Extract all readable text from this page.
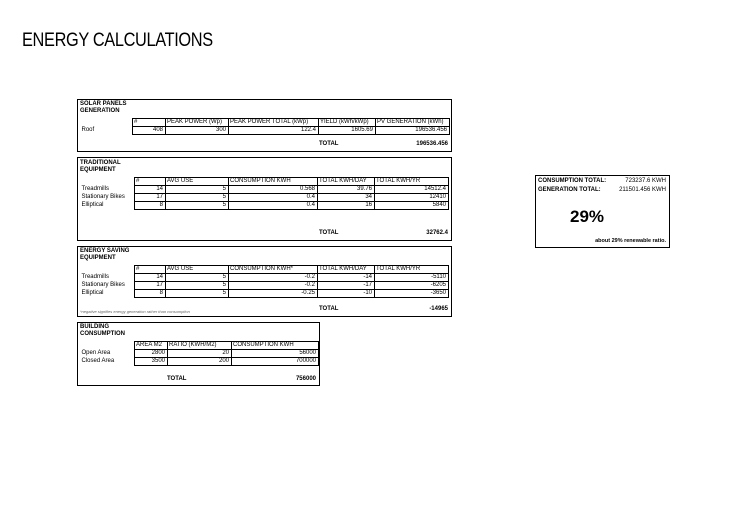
ENERGY CALCULATIONS
SOLAR PANELS
GENERATION
	#	PEAK POWER (Wp)	PEAK POWER TOTAL (kWp)	YIELD (kWh/kWp)	PV GENERATION (kWh)
Roof	408	300	122.4	1605.69	196536.456
TOTAL	196536.456
TRADITIONAL
EQUIPMENT
	#	AVG USE	CONSUMPTION KWH	TOTAL KWH/DAY	TOTAL KWH/YR
Treadmills	14	5	0.568	39.76	14512.4
Stationary Bikes	17	5	0.4	34	12410
Elliptical	8	5	0.4	16	5840
TOTAL	32762.4
ENERGY SAVING
EQUIPMENT
	#	AVG USE	CONSUMPTION KWH*	TOTAL KWH/DAY	TOTAL KWH/YR
Treadmills	14	5	-0.2	-14	-5110
Stationary Bikes	17	5	-0.2	-17	-6205
Elliptical	8	5	-0.25	-10	-3650
*negative signifies energy generation rather than consumption	TOTAL	-14965
BUILDING
CONSUMPTION
	AREA M2	RATIO (KWH/M2)	CONSUMPTION KWH
Open Area	2800	20	56000
Closed Area	3500	200	700000
TOTAL	756000
CONSUMPTION TOTAL:	723237.6 KWH
GENERATION TOTAL:	211501.456 KWH
29%
about 29% renewable ratio.
